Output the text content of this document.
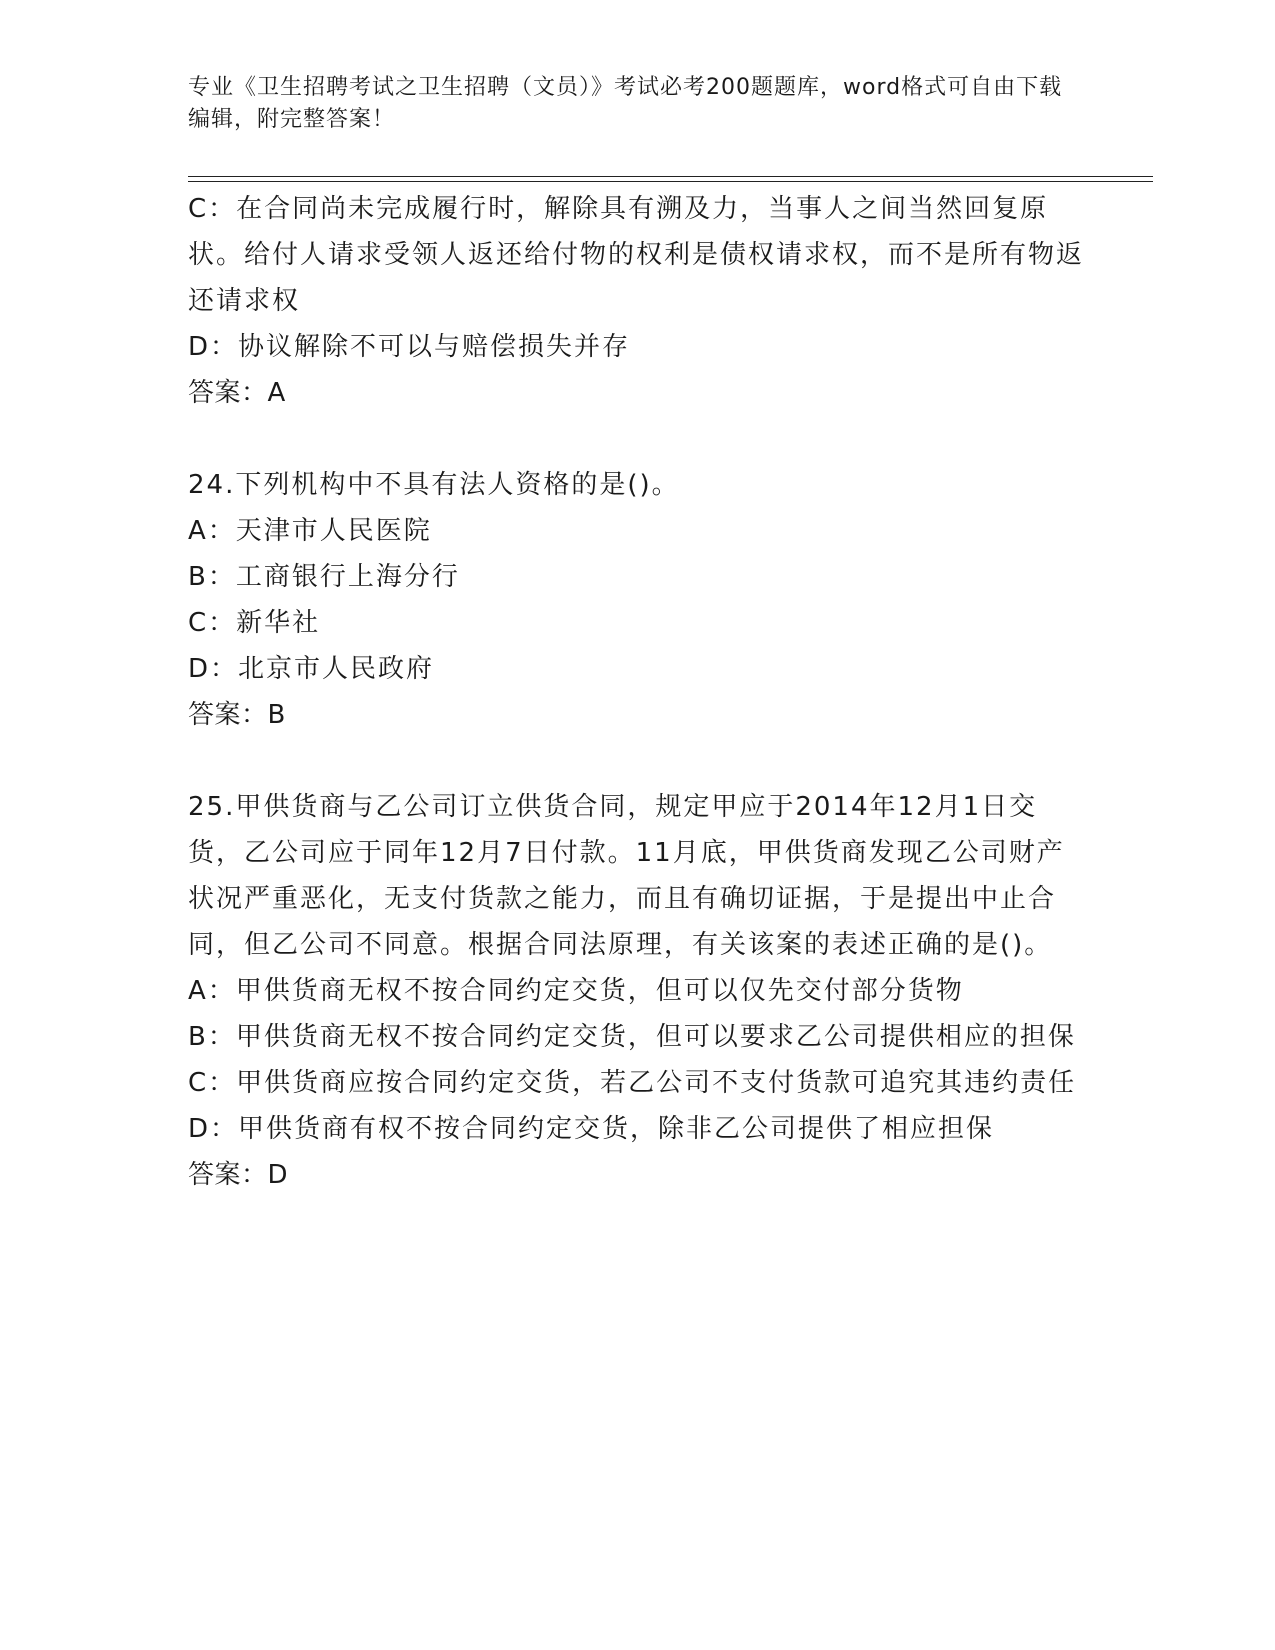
专业《卫生招聘考试之卫生招聘（文员）》考试必考200题题库，word格式可自由下载编辑，附完整答案！

C：在合同尚未完成履行时，解除具有溯及力，当事人之间当然回复原状。给付人请求受领人返还给付物的权利是债权请求权，而不是所有物返还请求权

D：协议解除不可以与赔偿损失并存

答案：A

24.下列机构中不具有法人资格的是()。

A：天津市人民医院

B：工商银行上海分行

C：新华社

D：北京市人民政府

答案：B

25.甲供货商与乙公司订立供货合同，规定甲应于2014年12月1日交货，乙公司应于同年12月7日付款。11月底，甲供货商发现乙公司财产状况严重恶化，无支付货款之能力，而且有确切证据，于是提出中止合同，但乙公司不同意。根据合同法原理，有关该案的表述正确的是()。

A：甲供货商无权不按合同约定交货，但可以仅先交付部分货物

B：甲供货商无权不按合同约定交货，但可以要求乙公司提供相应的担保

C：甲供货商应按合同约定交货，若乙公司不支付货款可追究其违约责任

D：甲供货商有权不按合同约定交货，除非乙公司提供了相应担保

答案：D
